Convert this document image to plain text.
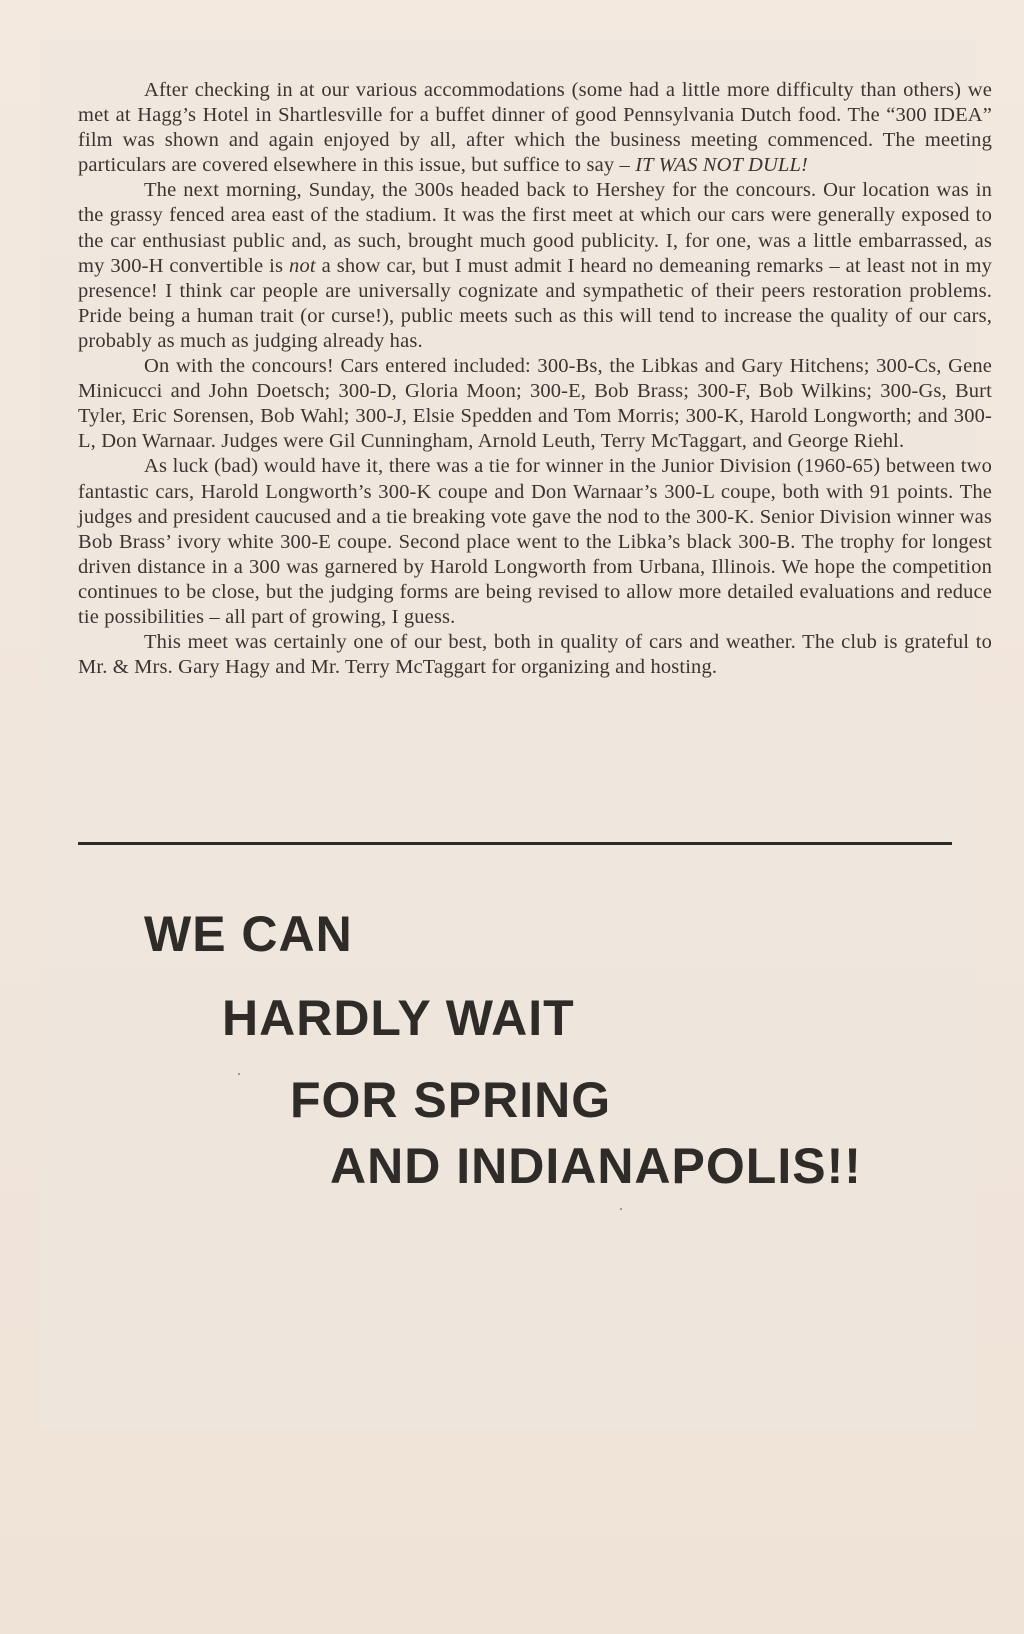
After checking in at our various accommodations (some had a little more difficulty than others) we met at Hagg’s Hotel in Shartlesville for a buffet dinner of good Pennsylvania Dutch food. The “300 IDEA” film was shown and again enjoyed by all, after which the business meeting commenced. The meeting particulars are covered elsewhere in this issue, but suffice to say – IT WAS NOT DULL!

The next morning, Sunday, the 300s headed back to Hershey for the concours. Our location was in the grassy fenced area east of the stadium. It was the first meet at which our cars were generally exposed to the car enthusiast public and, as such, brought much good publicity. I, for one, was a little embarrassed, as my 300-H convertible is not a show car, but I must admit I heard no demeaning remarks – at least not in my presence! I think car people are universally cognizate and sympathetic of their peers restoration problems. Pride being a human trait (or curse!), public meets such as this will tend to increase the quality of our cars, probably as much as judging already has.

On with the concours! Cars entered included: 300-Bs, the Libkas and Gary Hitchens; 300-Cs, Gene Minicucci and John Doetsch; 300-D, Gloria Moon; 300-E, Bob Brass; 300-F, Bob Wilkins; 300-Gs, Burt Tyler, Eric Sorensen, Bob Wahl; 300-J, Elsie Spedden and Tom Morris; 300-K, Harold Longworth; and 300-L, Don Warnaar. Judges were Gil Cunningham, Arnold Leuth, Terry McTaggart, and George Riehl.

As luck (bad) would have it, there was a tie for winner in the Junior Division (1960-65) between two fantastic cars, Harold Longworth’s 300-K coupe and Don Warnaar’s 300-L coupe, both with 91 points. The judges and president caucused and a tie breaking vote gave the nod to the 300-K. Senior Division winner was Bob Brass’ ivory white 300-E coupe. Second place went to the Libka’s black 300-B. The trophy for longest driven distance in a 300 was garnered by Harold Longworth from Urbana, Illinois. We hope the competition continues to be close, but the judging forms are being revised to allow more detailed evaluations and reduce tie possibilities – all part of growing, I guess.

This meet was certainly one of our best, both in quality of cars and weather. The club is grateful to Mr. & Mrs. Gary Hagy and Mr. Terry McTaggart for organizing and hosting.

WE CAN
HARDLY WAIT
FOR SPRING
AND INDIANAPOLIS!!
